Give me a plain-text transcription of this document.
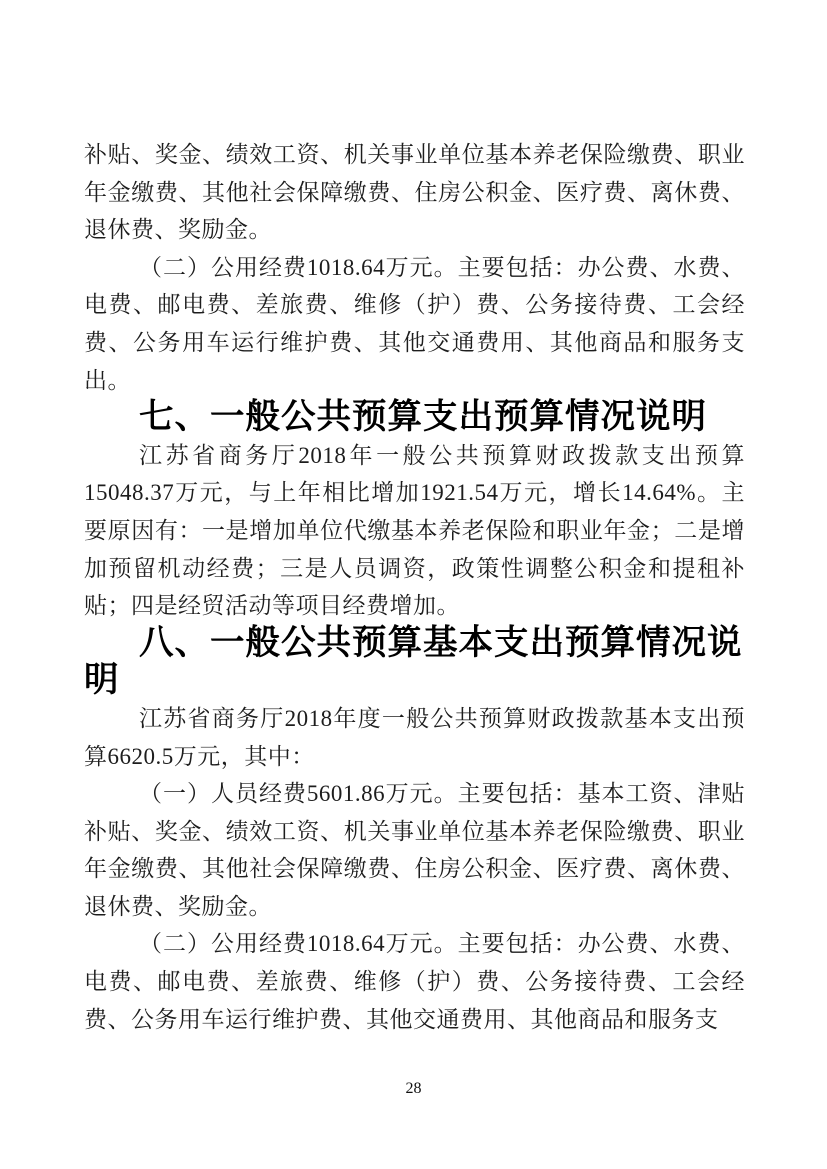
补贴、奖金、绩效工资、机关事业单位基本养老保险缴费、职业年金缴费、其他社会保障缴费、住房公积金、医疗费、离休费、退休费、奖励金。

（二）公用经费1018.64万元。主要包括：办公费、水费、电费、邮电费、差旅费、维修（护）费、公务接待费、工会经费、公务用车运行维护费、其他交通费用、其他商品和服务支出。

七、一般公共预算支出预算情况说明

江苏省商务厅2018年一般公共预算财政拨款支出预算15048.37万元，与上年相比增加1921.54万元，增长14.64%。主要原因有：一是增加单位代缴基本养老保险和职业年金；二是增加预留机动经费；三是人员调资，政策性调整公积金和提租补贴；四是经贸活动等项目经费增加。

八、一般公共预算基本支出预算情况说明

江苏省商务厅2018年度一般公共预算财政拨款基本支出预算6620.5万元，其中：

（一）人员经费5601.86万元。主要包括：基本工资、津贴补贴、奖金、绩效工资、机关事业单位基本养老保险缴费、职业年金缴费、其他社会保障缴费、住房公积金、医疗费、离休费、退休费、奖励金。

（二）公用经费1018.64万元。主要包括：办公费、水费、电费、邮电费、差旅费、维修（护）费、公务接待费、工会经费、公务用车运行维护费、其他交通费用、其他商品和服务支

28
